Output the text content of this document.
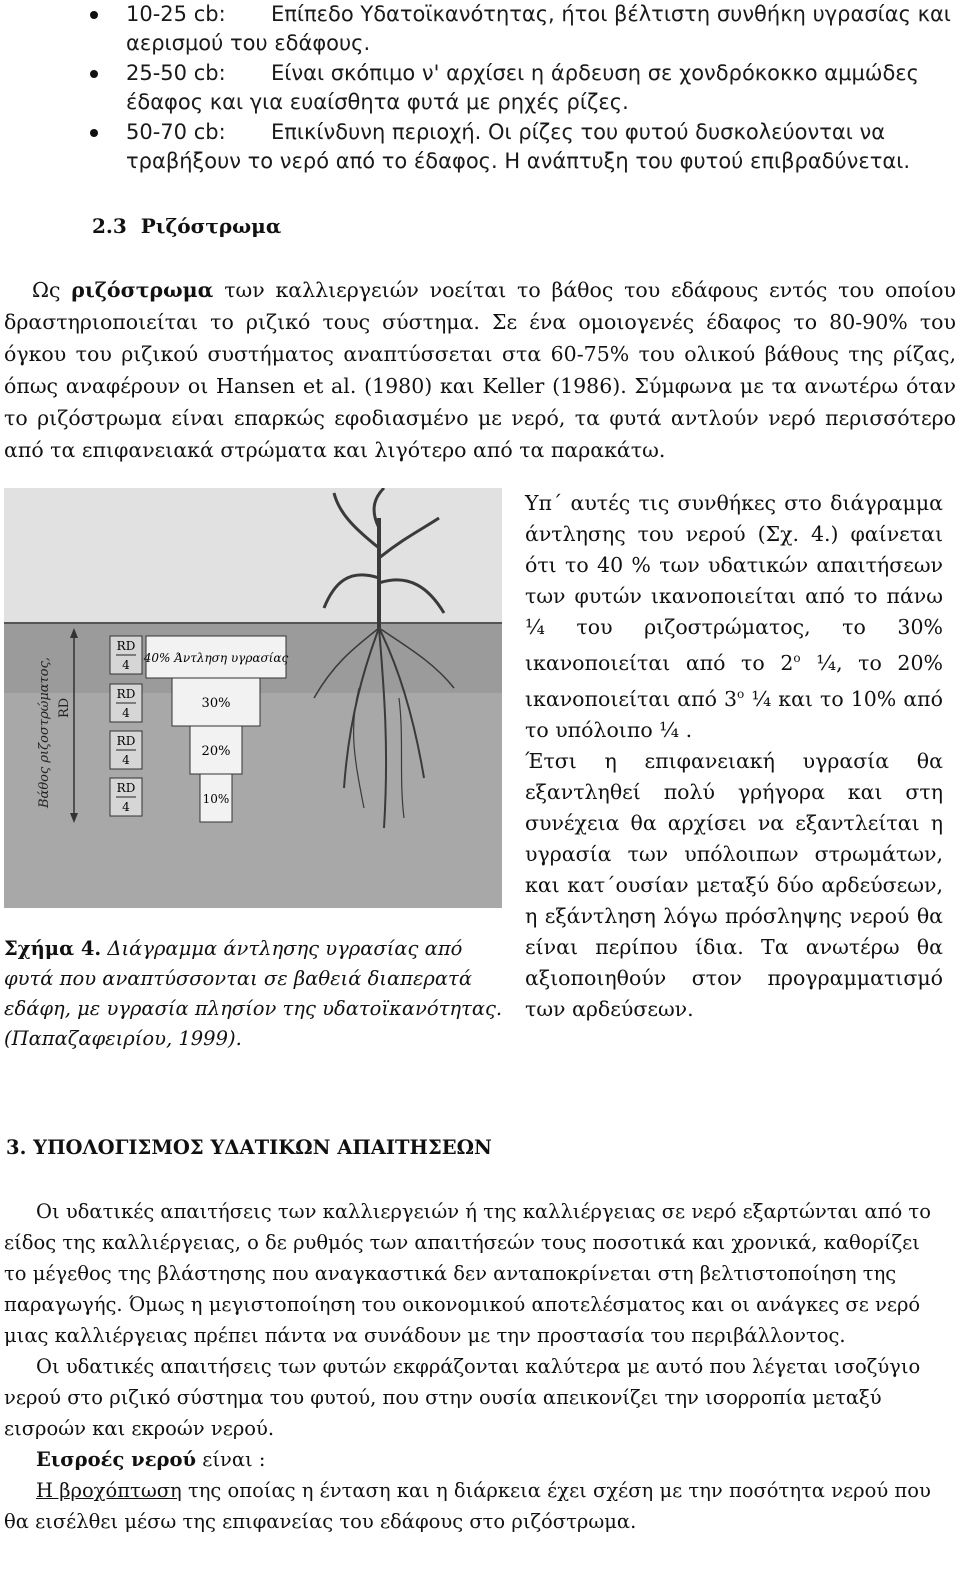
10-25 cb: Επίπεδο Υδατοϊκανότητας, ήτοι βέλτιστη συνθήκη υγρασίας και αερισμού του εδάφους.
25-50 cb: Είναι σκόπιμο ν' αρχίσει η άρδευση σε χονδρόκοκκο αμμώδες έδαφος και για ευαίσθητα φυτά με ρηχές ρίζες.
50-70 cb: Επικίνδυνη περιοχή. Οι ρίζες του φυτού δυσκολεύονται να τραβήξουν το νερό από το έδαφος. Η ανάπτυξη του φυτού επιβραδύνεται.
2.3 Ριζόστρωμα

Ως ριζόστρωμα των καλλιεργειών νοείται το βάθος του εδάφους εντός του οποίου δραστηριοποιείται το ριζικό τους σύστημα. Σε ένα ομοιογενές έδαφος το 80-90% του όγκου του ριζικού συστήματος αναπτύσσεται στα 60-75% του ολικού βάθους της ρίζας, όπως αναφέρουν οι Hansen et al. (1980) και Keller (1986). Σύμφωνα με τα ανωτέρω όταν το ριζόστρωμα είναι επαρκώς εφοδιασμένο με νερό, τα φυτά αντλούν νερό περισσότερο από τα επιφανειακά στρώματα και λιγότερο από τα παρακάτω.

Βάθος ριζοστρώματος, RD
RD
4
RD
4
RD
4
RD
4
40% Άντληση υγρασίας
30%
20%
10%

Σχήμα 4. Διάγραμμα άντλησης υγρασίας από φυτά που αναπτύσσονται σε βαθειά διαπερατά εδάφη, με υγρασία πλησίον της υδατοϊκανότητας. (Παπαζαφειρίου, 1999).

Υπ΄ αυτές τις συνθήκες στο διάγραμμα άντλησης του νερού (Σχ. 4.) φαίνεται ότι το 40 % των υδατικών απαιτήσεων των φυτών ικανοποιείται από το πάνω ¼ του ριζοστρώματος, το 30% ικανοποιείται από το $2^o$ ¼, το 20% ικανοποιείται από $3^o$ ¼ και το 10% από το υπόλοιπο ¼ .
Έτσι η επιφανειακή υγρασία θα εξαντληθεί πολύ γρήγορα και στη συνέχεια θα αρχίσει να εξαντλείται η υγρασία των υπόλοιπων στρωμάτων, και κατ΄ουσίαν μεταξύ δύο αρδεύσεων, η εξάντληση λόγω πρόσληψης νερού θα είναι περίπου ίδια. Τα ανωτέρω θα αξιοποιηθούν στον προγραμματισμό των αρδεύσεων.

3. ΥΠΟΛΟΓΙΣΜΟΣ ΥΔΑΤΙΚΩΝ ΑΠΑΙΤΗΣΕΩΝ

Οι υδατικές απαιτήσεις των καλλιεργειών ή της καλλιέργειας σε νερό εξαρτώνται από το είδος της καλλιέργειας, ο δε ρυθμός των απαιτήσεών τους ποσοτικά και χρονικά, καθορίζει το μέγεθος της βλάστησης που αναγκαστικά δεν ανταποκρίνεται στη βελτιστοποίηση της παραγωγής. Όμως η μεγιστοποίηση του οικονομικού αποτελέσματος και οι ανάγκες σε νερό μιας καλλιέργειας πρέπει πάντα να συνάδουν με την προστασία του περιβάλλοντος.
Οι υδατικές απαιτήσεις των φυτών εκφράζονται καλύτερα με αυτό που λέγεται ισοζύγιο νερού στο ριζικό σύστημα του φυτού, που στην ουσία απεικονίζει την ισορροπία μεταξύ εισροών και εκροών νερού.
Εισροές νερού είναι :
Η βροχόπτωση της οποίας η ένταση και η διάρκεια έχει σχέση με την ποσότητα νερού που θα εισέλθει μέσω της επιφανείας του εδάφους στο ριζόστρωμα.
